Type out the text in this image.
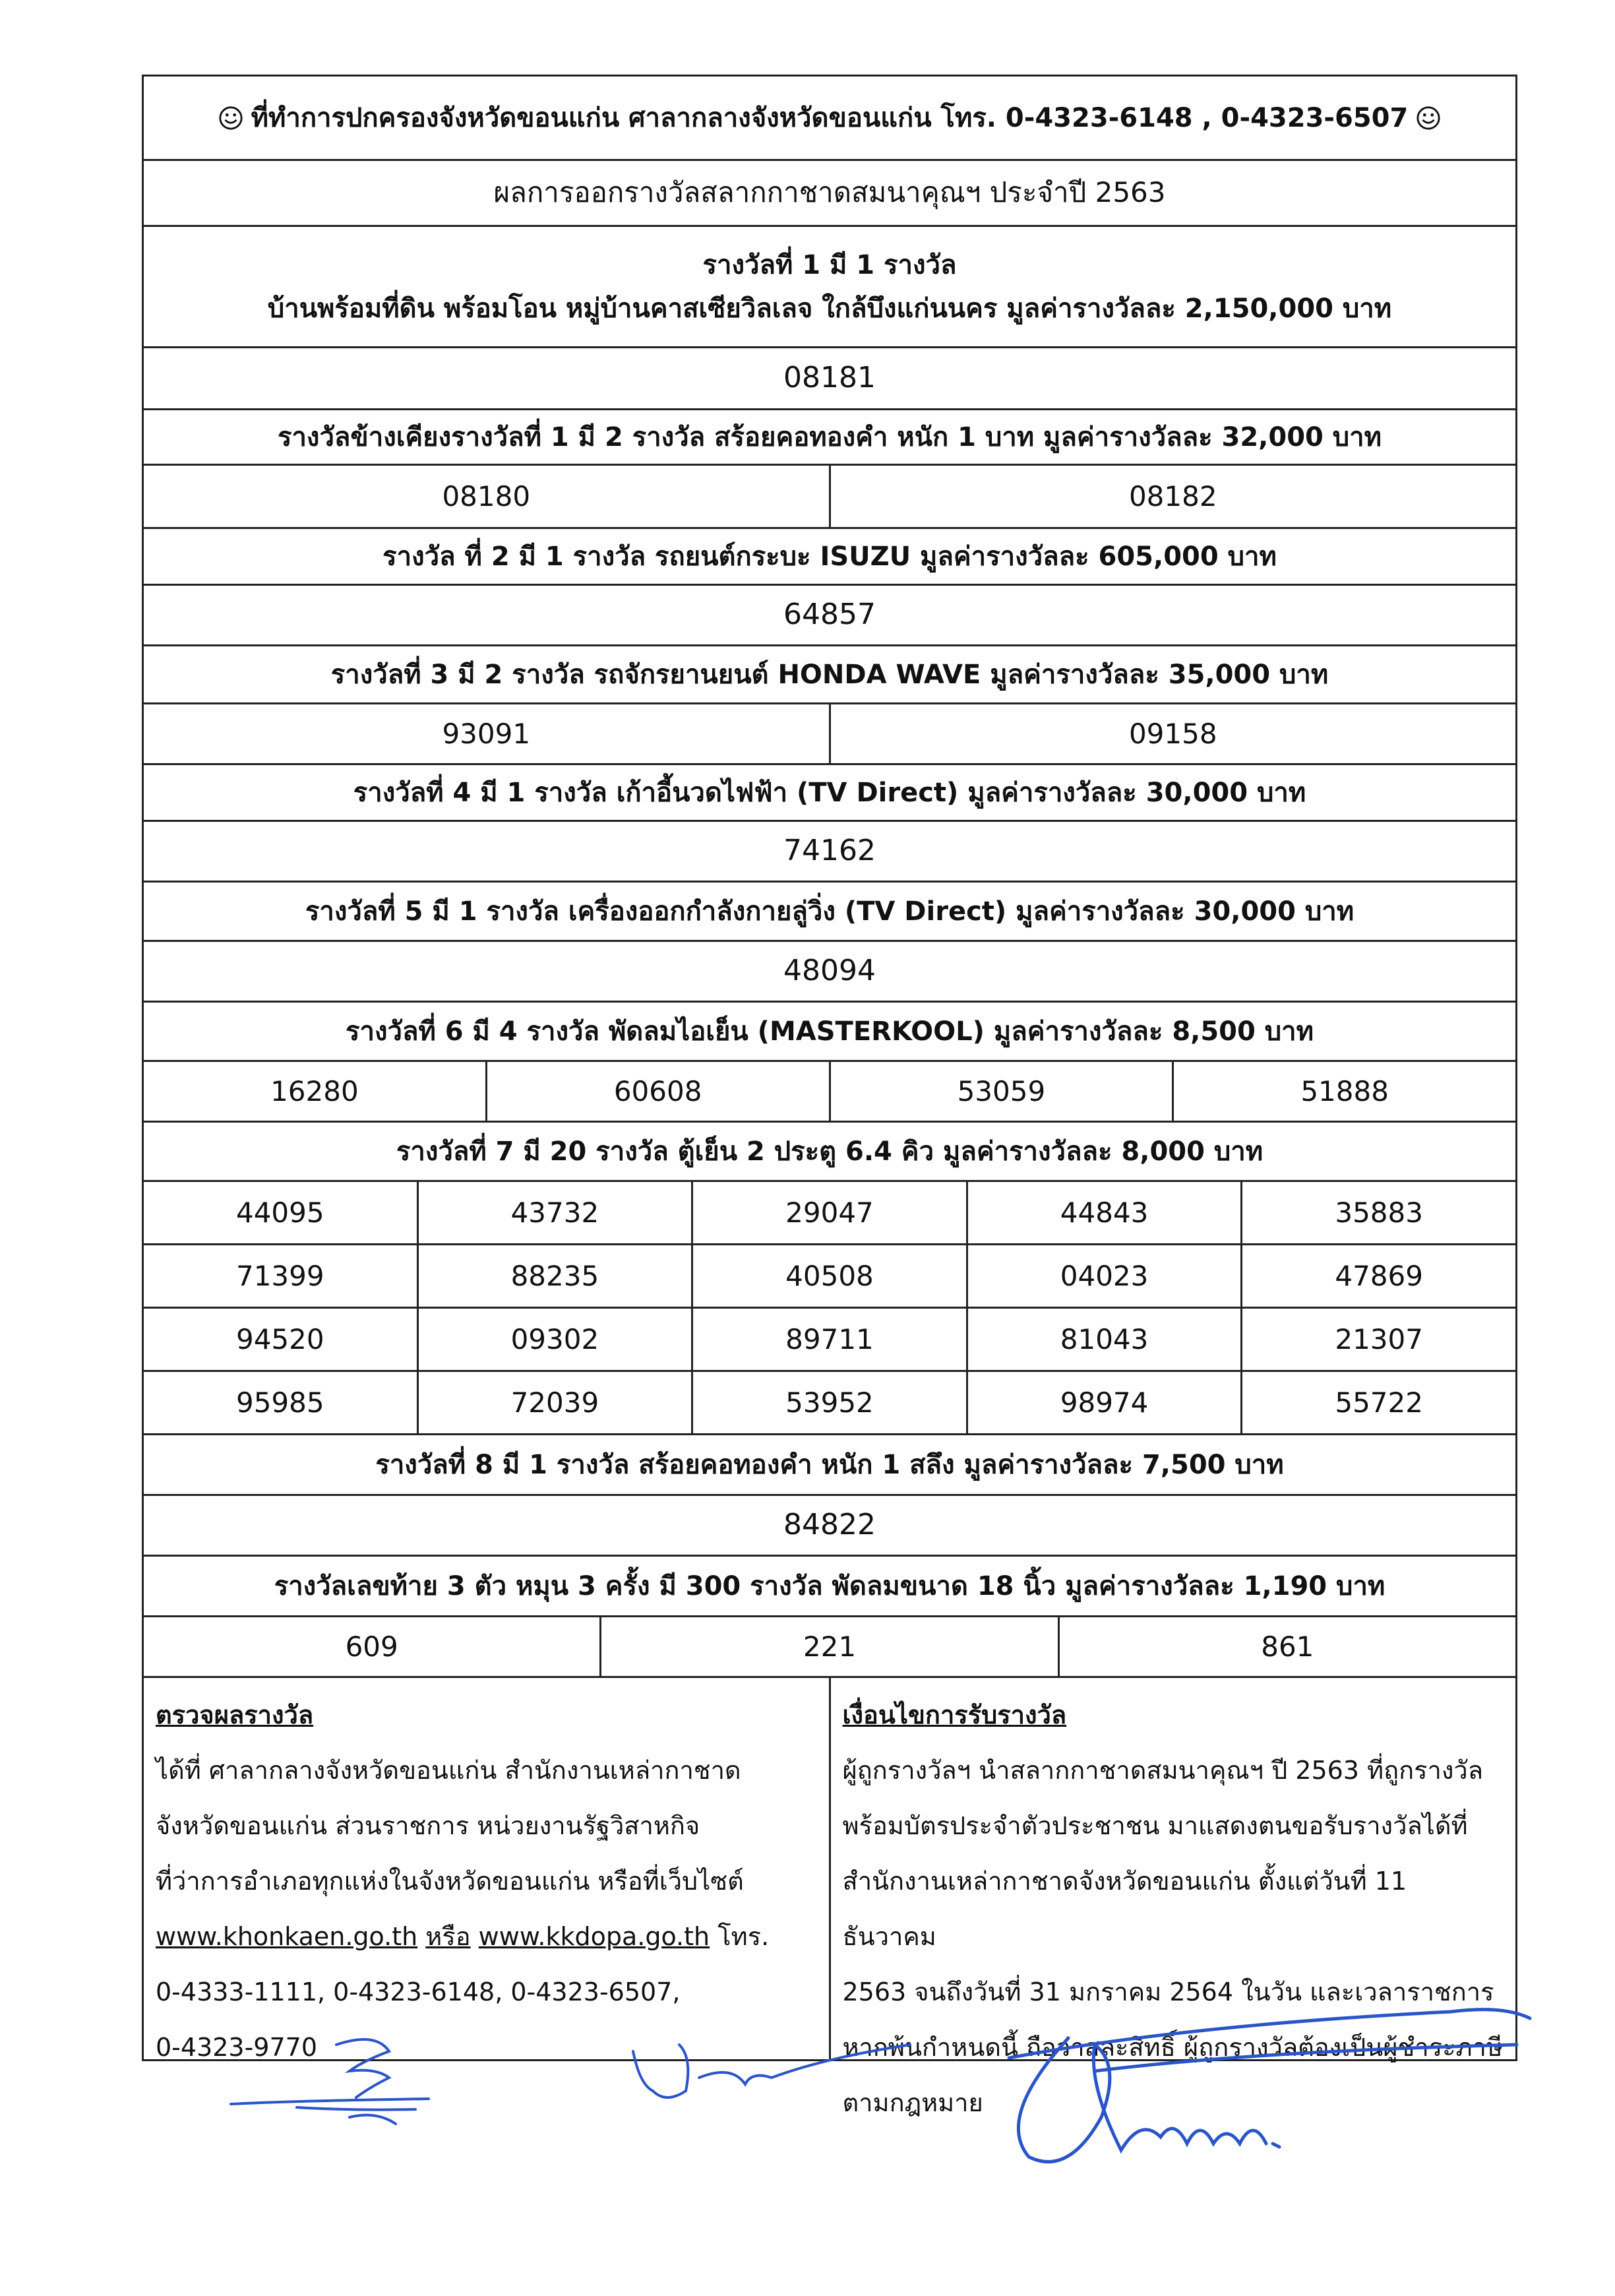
ที่ทำการปกครองจังหวัดขอนแก่น ศาลากลางจังหวัดขอนแก่น โทร. 0-4323-6148 , 0-4323-6507
ผลการออกรางวัลสลากกาชาดสมนาคุณฯ ประจำปี 2563
รางวัลที่ 1 มี 1 รางวัล
บ้านพร้อมที่ดิน พร้อมโอน หมู่บ้านคาสเซียวิลเลจ ใกล้บึงแก่นนคร มูลค่ารางวัลละ 2,150,000 บาท
08181
รางวัลข้างเคียงรางวัลที่ 1 มี 2 รางวัล สร้อยคอทองคำ หนัก 1 บาท มูลค่ารางวัลละ 32,000 บาท
08180	08182
รางวัล ที่ 2 มี 1 รางวัล รถยนต์กระบะ ISUZU มูลค่ารางวัลละ 605,000 บาท
64857
รางวัลที่ 3 มี 2 รางวัล รถจักรยานยนต์ HONDA WAVE มูลค่ารางวัลละ 35,000 บาท
93091	09158
รางวัลที่ 4 มี 1 รางวัล เก้าอี้นวดไฟฟ้า (TV Direct) มูลค่ารางวัลละ 30,000 บาท
74162
รางวัลที่ 5 มี 1 รางวัล เครื่องออกกำลังกายลู่วิ่ง (TV Direct) มูลค่ารางวัลละ 30,000 บาท
48094
รางวัลที่ 6 มี 4 รางวัล พัดลมไอเย็น (MASTERKOOL) มูลค่ารางวัลละ 8,500 บาท
16280	60608	53059	51888
รางวัลที่ 7 มี 20 รางวัล ตู้เย็น 2 ประตู 6.4 คิว มูลค่ารางวัลละ 8,000 บาท
44095	43732	29047	44843	35883
71399	88235	40508	04023	47869
94520	09302	89711	81043	21307
95985	72039	53952	98974	55722
รางวัลที่ 8 มี 1 รางวัล สร้อยคอทองคำ หนัก 1 สลึง มูลค่ารางวัลละ 7,500 บาท
84822
รางวัลเลขท้าย 3 ตัว หมุน 3 ครั้ง มี 300 รางวัล พัดลมขนาด 18 นิ้ว มูลค่ารางวัลละ 1,190 บาท
609	221	861
ตรวจผลรางวัล
ได้ที่ ศาลากลางจังหวัดขอนแก่น สำนักงานเหล่ากาชาด
จังหวัดขอนแก่น ส่วนราชการ หน่วยงานรัฐวิสาหกิจ
ที่ว่าการอำเภอทุกแห่งในจังหวัดขอนแก่น หรือที่เว็บไซต์
www.khonkaen.go.th หรือ www.kkdopa.go.th โทร.
0-4333-1111, 0-4323-6148, 0-4323-6507,
0-4323-9770
เงื่อนไขการรับรางวัล
ผู้ถูกรางวัลฯ นำสลากกาชาดสมนาคุณฯ ปี 2563 ที่ถูกรางวัล
พร้อมบัตรประจำตัวประชาชน มาแสดงตนขอรับรางวัลได้ที่
สำนักงานเหล่ากาชาดจังหวัดขอนแก่น ตั้งแต่วันที่ 11 ธันวาคม
2563 จนถึงวันที่ 31 มกราคม 2564 ในวัน และเวลาราชการ
หากพ้นกำหนดนี้ ถือว่าสละสิทธิ์ ผู้ถูกรางวัลต้องเป็นผู้ชำระภาษี
ตามกฎหมาย
